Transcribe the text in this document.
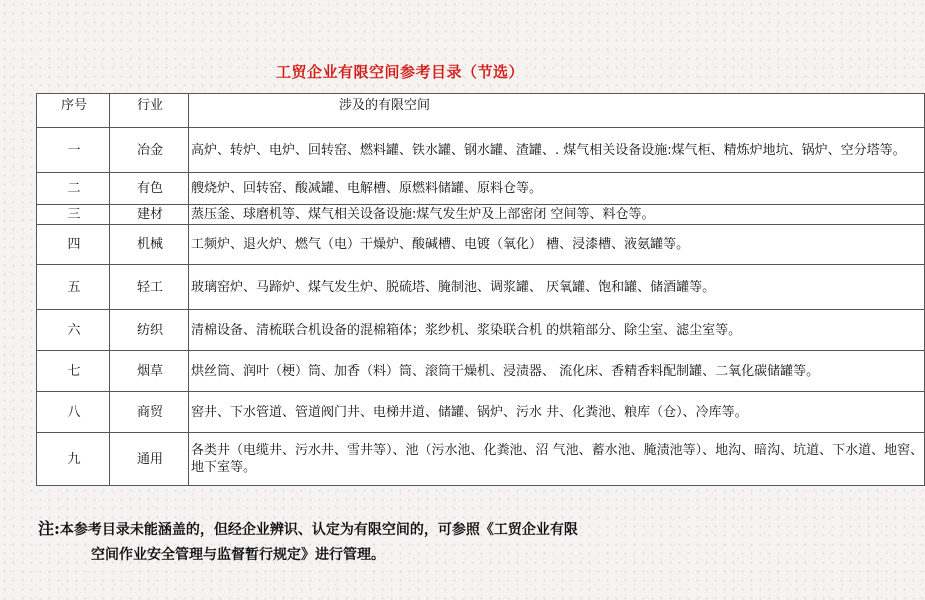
工贸企业有限空间参考目录（节选）
序号	行业	涉及的有限空间
一	冶金	高炉、转炉、电炉、回转窑、燃料罐、铁水罐、钢水罐、渣罐、. 煤气相关设备设施:煤气柜、精炼炉地坑、锅炉、空分塔等。
二	有色	艘烧炉、回转窑、酸减罐、电解槽、原燃料储罐、原料仓等。
三	建材	蒸压釜、球磨机等、煤气相关设备设施:煤气发生炉及上部密闭 空间等、料仓等。
四	机械	工频炉、退火炉、燃气（电）干燥炉、酸碱槽、电镀（氧化） 槽、浸漆槽、液氨罐等。
五	轻工	玻璃窑炉、马蹄炉、煤气发生炉、脱硫塔、腌制池、调浆罐、 厌氧罐、饱和罐、储酒罐等。
六	纺织	清棉设备、清梳联合机设备的混棉箱体；浆纱机、浆染联合机 的烘箱部分、除尘室、滤尘室等。
七	烟草	烘丝筒、润叶（梗）筒、加香（料）筒、滚筒干燥机、浸渍器、 流化床、香精香料配制罐、二氧化碳储罐等。
八	商贸	窖井、下水管道、管道阀门井、电梯井道、储罐、锅炉、污水 井、化粪池、粮库（仓）、冷库等。
九	通用	各类井（电缆井、污水井、雪井等）、池（污水池、化粪池、沼 气池、蓄水池、腌渍池等）、地沟、暗沟、坑道、下水道、地窖、 地下室等。
注:本参考目录未能涵盖的，但经企业辨识、认定为有限空间的，可参照《工贸企业有限
空间作业安全管理与监督暂行规定》进行管理。
